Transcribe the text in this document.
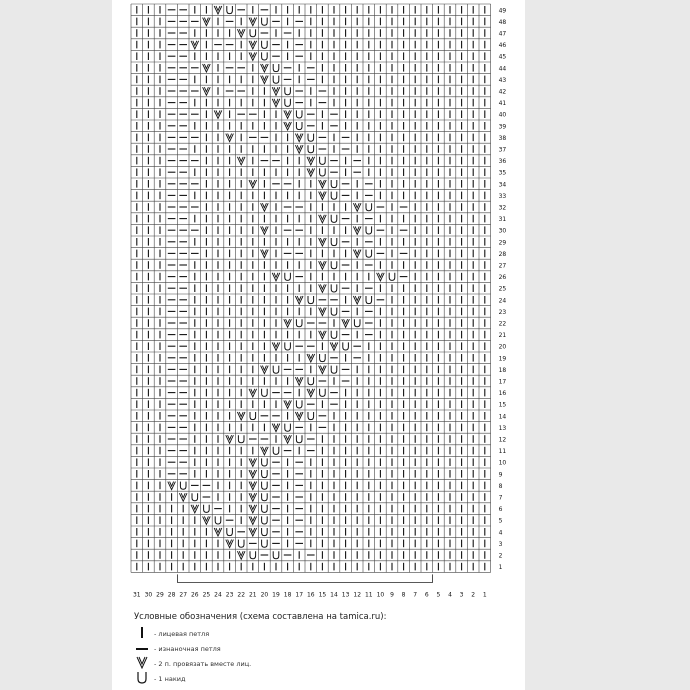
49
48
47
46
45
44
43
42
41
40
39
38
37
36
35
34
33
32
31
30
29
28
27
26
25
24
23
22
21
20
19
18
17
16
15
14
13
12
11
10
9
8
7
6
5
4
3
2
1
31 30 29 28 27 26 25 24 23 22 21 20 19 18 17 16 15 14 13 12 11 10 9 8 7 6 5 4 3 2 1
Условные обозначения (схема составлена на tamica.ru):
- лицевая петля
- изнаночная петля
- 2 п. провязать вместе лиц.
- 1 накид
